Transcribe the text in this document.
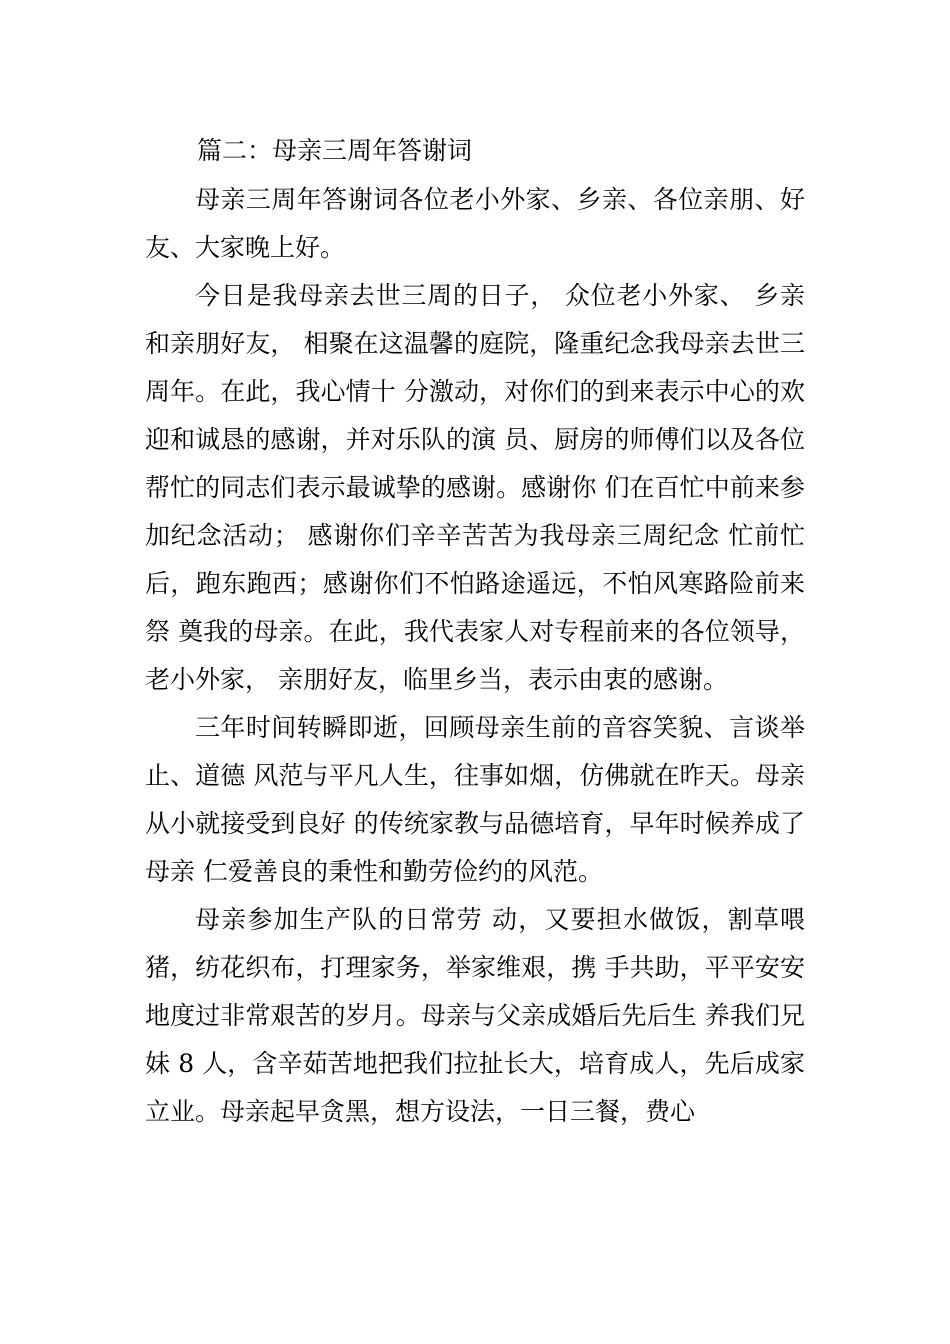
篇二：母亲三周年答谢词

母亲三周年答谢词各位老小外家、乡亲、各位亲朋、好友、大家晚上好。

今日是我母亲去世三周的日子， 众位老小外家、 乡亲和亲朋好友， 相聚在这温馨的庭院，隆重纪念我母亲去世三周年。在此，我心情十 分激动，对你们的到来表示中心的欢迎和诚恳的感谢，并对乐队的演 员、厨房的师傅们以及各位帮忙的同志们表示最诚挚的感谢。感谢你 们在百忙中前来参加纪念活动； 感谢你们辛辛苦苦为我母亲三周纪念 忙前忙后，跑东跑西；感谢你们不怕路途遥远，不怕风寒路险前来祭 奠我的母亲。在此，我代表家人对专程前来的各位领导，老小外家， 亲朋好友，临里乡当，表示由衷的感谢。

三年时间转瞬即逝，回顾母亲生前的音容笑貌、言谈举止、道德 风范与平凡人生，往事如烟，仿佛就在昨天。母亲从小就接受到良好 的传统家教与品德培育，早年时候养成了母亲 仁爱善良的秉性和勤劳俭约的风范。

母亲参加生产队的日常劳 动，又要担水做饭，割草喂猪，纺花织布，打理家务，举家维艰，携 手共助，平平安安地度过非常艰苦的岁月。母亲与父亲成婚后先后生 养我们兄妹 8 人，含辛茹苦地把我们拉扯长大，培育成人，先后成家 立业。母亲起早贪黑，想方设法，一日三餐，费心
